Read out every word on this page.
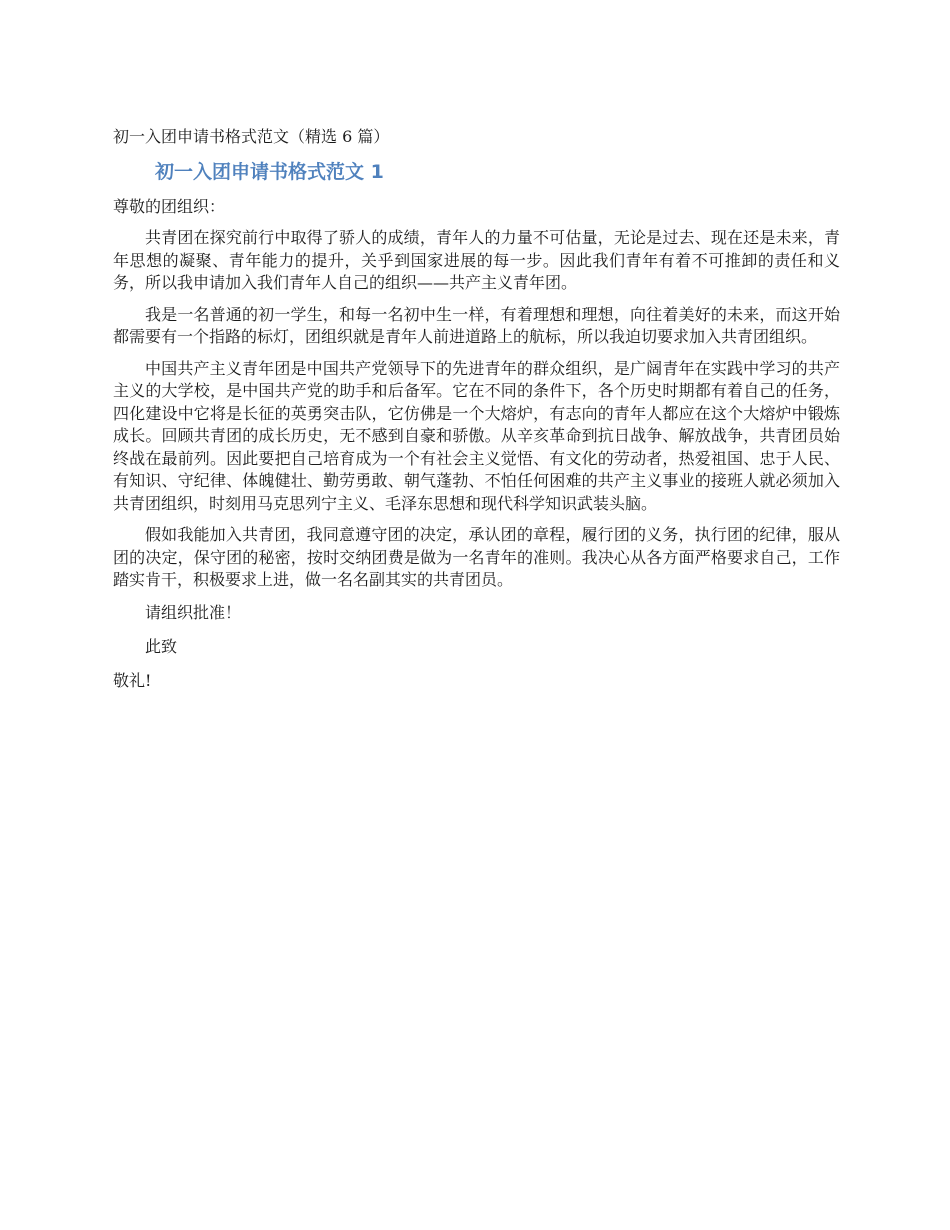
初一入团申请书格式范文（精选 6 篇）
初一入团申请书格式范文 1
尊敬的团组织：

共青团在探究前行中取得了骄人的成绩，青年人的力量不可估量，无论是过去、现在还是未来，青年思想的凝聚、青年能力的提升，关乎到国家进展的每一步。因此我们青年有着不可推卸的责任和义务，所以我申请加入我们青年人自己的组织——共产主义青年团。

我是一名普通的初一学生，和每一名初中生一样，有着理想和理想，向往着美好的未来，而这开始都需要有一个指路的标灯，团组织就是青年人前进道路上的航标，所以我迫切要求加入共青团组织。

中国共产主义青年团是中国共产党领导下的先进青年的群众组织，是广阔青年在实践中学习的共产主义的大学校，是中国共产党的助手和后备军。它在不同的条件下，各个历史时期都有着自己的任务，四化建设中它将是长征的英勇突击队，它仿佛是一个大熔炉，有志向的青年人都应在这个大熔炉中锻炼成长。回顾共青团的成长历史，无不感到自豪和骄傲。从辛亥革命到抗日战争、解放战争，共青团员始终战在最前列。因此要把自己培育成为一个有社会主义觉悟、有文化的劳动者，热爱祖国、忠于人民、有知识、守纪律、体魄健壮、勤劳勇敢、朝气蓬勃、不怕任何困难的共产主义事业的接班人就必须加入共青团组织，时刻用马克思列宁主义、毛泽东思想和现代科学知识武装头脑。

假如我能加入共青团，我同意遵守团的决定，承认团的章程，履行团的义务，执行团的纪律，服从团的决定，保守团的秘密，按时交纳团费是做为一名青年的准则。我决心从各方面严格要求自己，工作踏实肯干，积极要求上进，做一名名副其实的共青团员。

请组织批准！
此致
敬礼!
